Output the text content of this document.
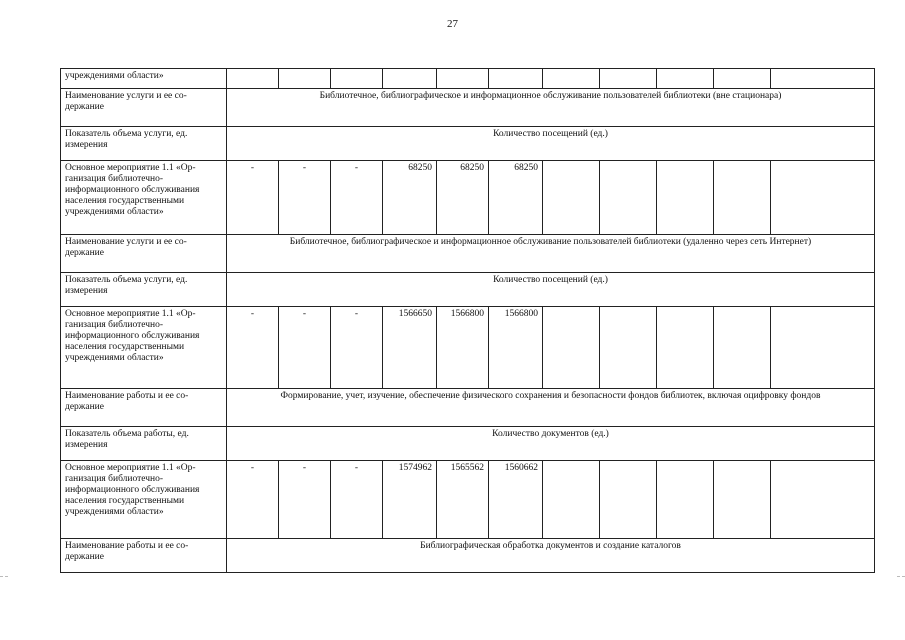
27
учреждениями области»											
Наименование услуги и ее со-держание	Библиотечное, библиографическое и информационное обслуживание пользователей библиотеки (вне стационара)										
Показатель объема услуги, ед. измерения	Количество посещений (ед.)										
Основное мероприятие 1.1 «Ор-ганизация библиотечно-информационного обслуживания населения государственными учреждениями области»	-	-	-	68250	68250	68250					
Наименование услуги и ее со-держание	Библиотечное, библиографическое и информационное обслуживание пользователей библиотеки (удаленно через сеть Интернет)										
Показатель объема услуги, ед. измерения	Количество посещений (ед.)										
Основное мероприятие 1.1 «Ор-ганизация библиотечно-информационного обслуживания населения государственными учреждениями области»	-	-	-	1566650	1566800	1566800					
Наименование работы и ее со-держание	Формирование, учет, изучение, обеспечение физического сохранения и безопасности фондов библиотек, включая оцифровку фондов										
Показатель объема работы, ед. измерения	Количество документов (ед.)										
Основное мероприятие 1.1 «Ор-ганизация библиотечно-информационного обслуживания населения государственными учреждениями области»	-	-	-	1574962	1565562	1560662					
Наименование работы и ее со-держание	Библиографическая обработка документов и создание каталогов										
